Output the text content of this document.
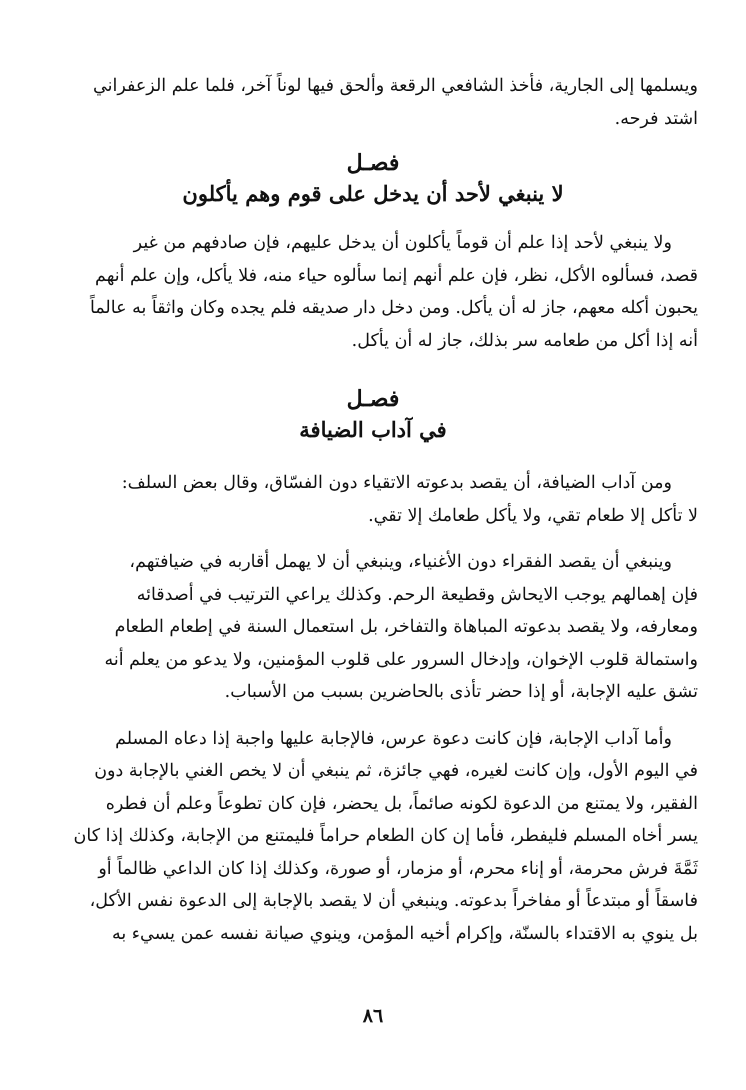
ويسلمها إلى الجارية، فأخذ الشافعي الرقعة وألحق فيها لوناً آخر، فلما علم الزعفراني
اشتد فرحه.

فصـل
لا ينبغي لأحد أن يدخل على قوم وهم يأكلون

ولا ينبغي لأحد إذا علم أن قوماً يأكلون أن يدخل عليهم، فإن صادفهم من غير
قصد، فسألوه الأكل، نظر، فإن علم أنهم إنما سألوه حياء منه، فلا يأكل، وإن علم أنهم
يحبون أكله معهم، جاز له أن يأكل. ومن دخل دار صديقه فلم يجده وكان واثقاً به عالماً
أنه إذا أكل من طعامه سر بذلك، جاز له أن يأكل.

فصـل
في آداب الضيافة

ومن آداب الضيافة، أن يقصد بدعوته الاتقياء دون الفسّاق، وقال بعض السلف:
لا تأكل إلا طعام تقي، ولا يأكل طعامك إلا تقي.

وينبغي أن يقصد الفقراء دون الأغنياء، وينبغي أن لا يهمل أقاربه في ضيافتهم،
فإن إهمالهم يوجب الايحاش وقطيعة الرحم. وكذلك يراعي الترتيب في أصدقائه
ومعارفه، ولا يقصد بدعوته المباهاة والتفاخر، بل استعمال السنة في إطعام الطعام
واستمالة قلوب الإخوان، وإدخال السرور على قلوب المؤمنين، ولا يدعو من يعلم أنه
تشق عليه الإجابة، أو إذا حضر تأذى بالحاضرين بسبب من الأسباب.

وأما آداب الإجابة، فإن كانت دعوة عرس، فالإجابة عليها واجبة إذا دعاه المسلم
في اليوم الأول، وإن كانت لغيره، فهي جائزة، ثم ينبغي أن لا يخص الغني بالإجابة دون
الفقير، ولا يمتنع من الدعوة لكونه صائماً، بل يحضر، فإن كان تطوعاً وعلم أن فطره
يسر أخاه المسلم فليفطر، فأما إن كان الطعام حراماً فليمتنع من الإجابة، وكذلك إذا كان
ثَمَّةَ فرش محرمة، أو إناء محرم، أو مزمار، أو صورة، وكذلك إذا كان الداعي ظالماً أو
فاسقاً أو مبتدعاً أو مفاخراً بدعوته. وينبغي أن لا يقصد بالإجابة إلى الدعوة نفس الأكل،
بل ينوي به الاقتداء بالسنّة، وإكرام أخيه المؤمن، وينوي صيانة نفسه عمن يسيء به

٨٦
